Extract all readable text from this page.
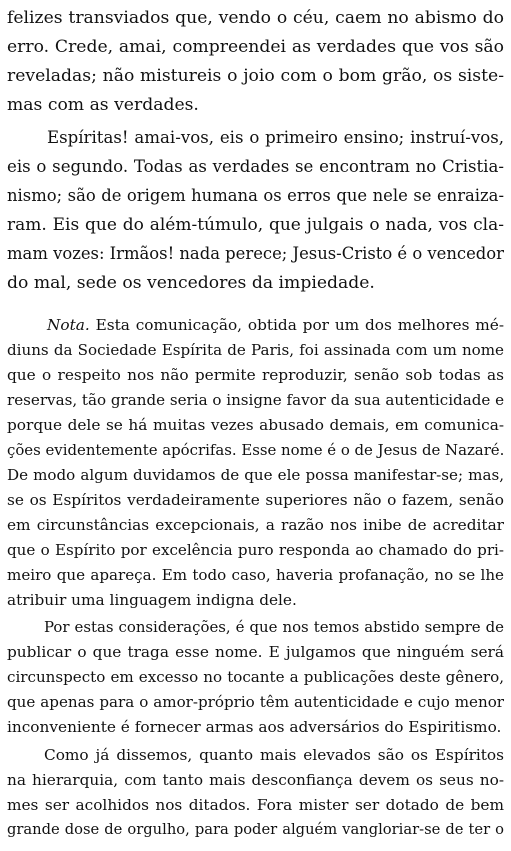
felizes transviados que, vendo o céu, caem no abismo do
erro. Crede, amai, compreendei as verdades que vos são
reveladas; não mistureis o joio com o bom grão, os siste-
mas com as verdades.
Espíritas! amai-vos, eis o primeiro ensino; instruí-vos,
eis o segundo. Todas as verdades se encontram no Cristia-
nismo; são de origem humana os erros que nele se enraiza-
ram. Eis que do além-túmulo, que julgais o nada, vos cla-
mam vozes: Irmãos! nada perece; Jesus-Cristo é o vencedor
do mal, sede os vencedores da impiedade.
Nota. Esta comunicação, obtida por um dos melhores mé-
diuns da Sociedade Espírita de Paris, foi assinada com um nome
que o respeito nos não permite reproduzir, senão sob todas as
reservas, tão grande seria o insigne favor da sua autenticidade e
porque dele se há muitas vezes abusado demais, em comunica-
ções evidentemente apócrifas. Esse nome é o de Jesus de Nazaré.
De modo algum duvidamos de que ele possa manifestar-se; mas,
se os Espíritos verdadeiramente superiores não o fazem, senão
em circunstâncias excepcionais, a razão nos inibe de acreditar
que o Espírito por excelência puro responda ao chamado do pri-
meiro que apareça. Em todo caso, haveria profanação, no se lhe
atribuir uma linguagem indigna dele.
Por estas considerações, é que nos temos abstido sempre de
publicar o que traga esse nome. E julgamos que ninguém será
circunspecto em excesso no tocante a publicações deste gênero,
que apenas para o amor-próprio têm autenticidade e cujo menor
inconveniente é fornecer armas aos adversários do Espiritismo.
Como já dissemos, quanto mais elevados são os Espíritos
na hierarquia, com tanto mais desconfiança devem os seus no-
mes ser acolhidos nos ditados. Fora mister ser dotado de bem
grande dose de orgulho, para poder alguém vangloriar-se de ter o
